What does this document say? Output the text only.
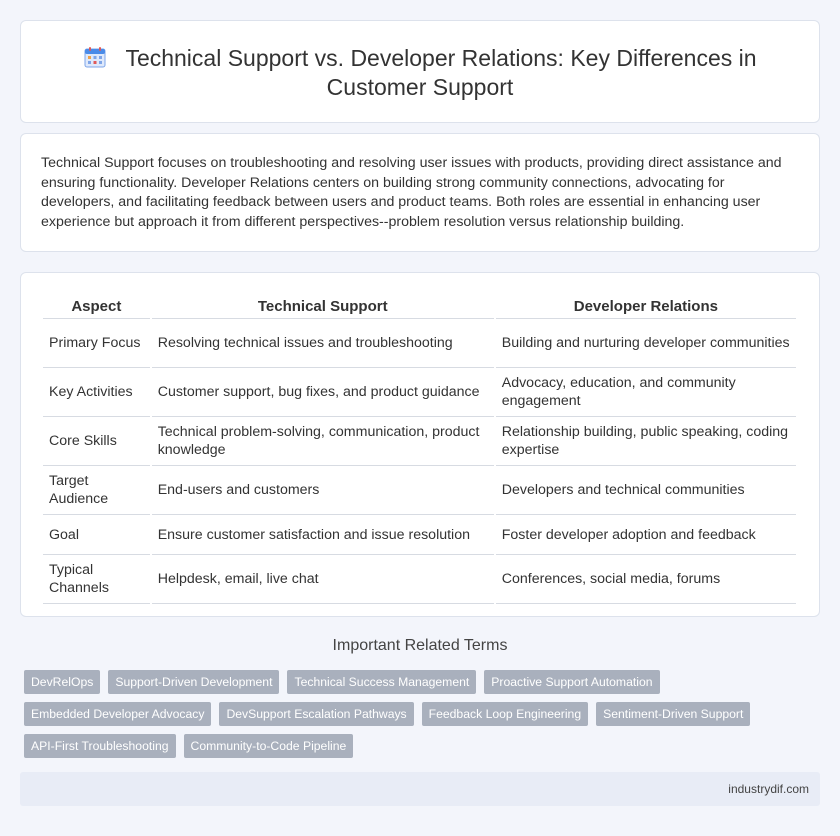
Technical Support vs. Developer Relations: Key Differences in Customer Support

Technical Support focuses on troubleshooting and resolving user issues with products, providing direct assistance and ensuring functionality. Developer Relations centers on building strong community connections, advocating for developers, and facilitating feedback between users and product teams. Both roles are essential in enhancing user experience but approach it from different perspectives--problem resolution versus relationship building.

Aspect	Technical Support	Developer Relations
Primary Focus	Resolving technical issues and troubleshooting	Building and nurturing developer communities
Key Activities	Customer support, bug fixes, and product guidance	Advocacy, education, and community engagement
Core Skills	Technical problem-solving, communication, product knowledge	Relationship building, public speaking, coding expertise
Target Audience	End-users and customers	Developers and technical communities
Goal	Ensure customer satisfaction and issue resolution	Foster developer adoption and feedback
Typical Channels	Helpdesk, email, live chat	Conferences, social media, forums
Important Related Terms
DevRelOps	Support-Driven Development	Technical Success Management	Proactive Support Automation
Embedded Developer Advocacy	DevSupport Escalation Pathways	Feedback Loop Engineering	Sentiment-Driven Support
API-First Troubleshooting	Community-to-Code Pipeline
industrydif.com
